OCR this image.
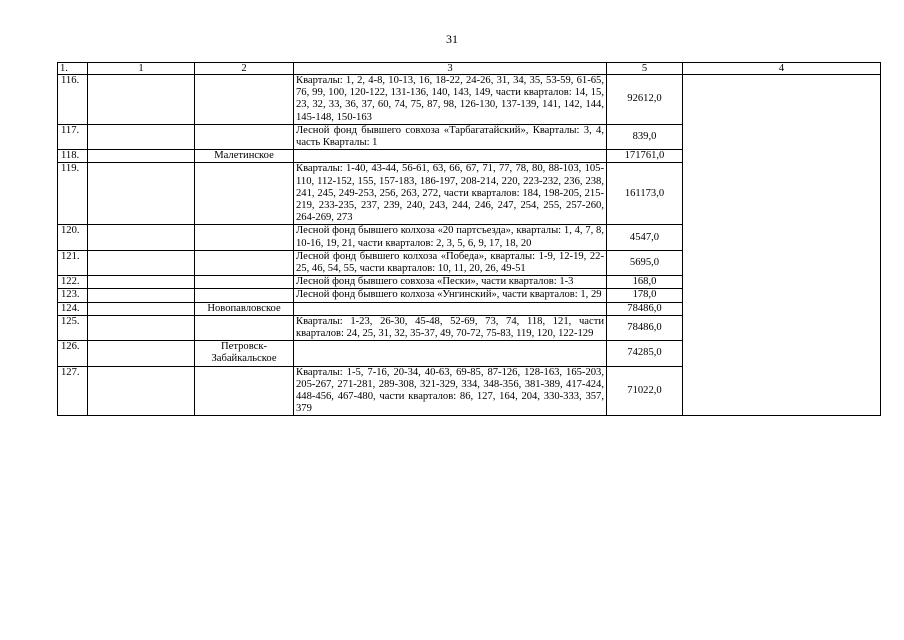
31
1.	1	2	3	5	4
116.			Кварталы: 1, 2, 4-8, 10-13, 16, 18-22, 24-26, 31, 34, 35, 53-59, 61-65, 76, 99, 100, 120-122, 131-136, 140, 143, 149, части кварталов: 14, 15, 23, 32, 33, 36, 37, 60, 74, 75, 87, 98, 126-130, 137-139, 141, 142, 144, 145-148, 150-163	92612,0	
117.			Лесной фонд бывшего совхоза «Тарбагатайский», Кварталы: 3, 4, часть Кварталы: 1	839,0	
118.		Малетинское		171761,0	
119.			Кварталы: 1-40, 43-44, 56-61, 63, 66, 67, 71, 77, 78, 80, 88-103, 105-110, 112-152, 155, 157-183, 186-197, 208-214, 220, 223-232, 236, 238, 241, 245, 249-253, 256, 263, 272, части кварталов: 184, 198-205, 215-219, 233-235, 237, 239, 240, 243, 244, 246, 247, 254, 255, 257-260, 264-269, 273	161173,0	
120.			Лесной фонд бывшего колхоза «20 партсъезда», кварталы: 1, 4, 7, 8, 10-16, 19, 21, части кварталов: 2, 3, 5, 6, 9, 17, 18, 20	4547,0	
121.			Лесной фонд бывшего колхоза «Победа», кварталы: 1-9, 12-19, 22-25, 46, 54, 55, части кварталов: 10, 11, 20, 26, 49-51	5695,0	
122.			Лесной фонд бывшего совхоза «Пески», части кварталов: 1-3	168,0	
123.			Лесной фонд бывшего колхоза «Унгинский», части кварталов: 1, 29	178,0	
124.		Новопавловское		78486,0	
125.			Кварталы: 1-23, 26-30, 45-48, 52-69, 73, 74, 118, 121, части кварталов: 24, 25, 31, 32, 35-37, 49, 70-72, 75-83, 119, 120, 122-129	78486,0	
126.		Петровск-Забайкальское		74285,0	
127.			Кварталы: 1-5, 7-16, 20-34, 40-63, 69-85, 87-126, 128-163, 165-203, 205-267, 271-281, 289-308, 321-329, 334, 348-356, 381-389, 417-424, 448-456, 467-480, части кварталов: 86, 127, 164, 204, 330-333, 357, 379	71022,0	
